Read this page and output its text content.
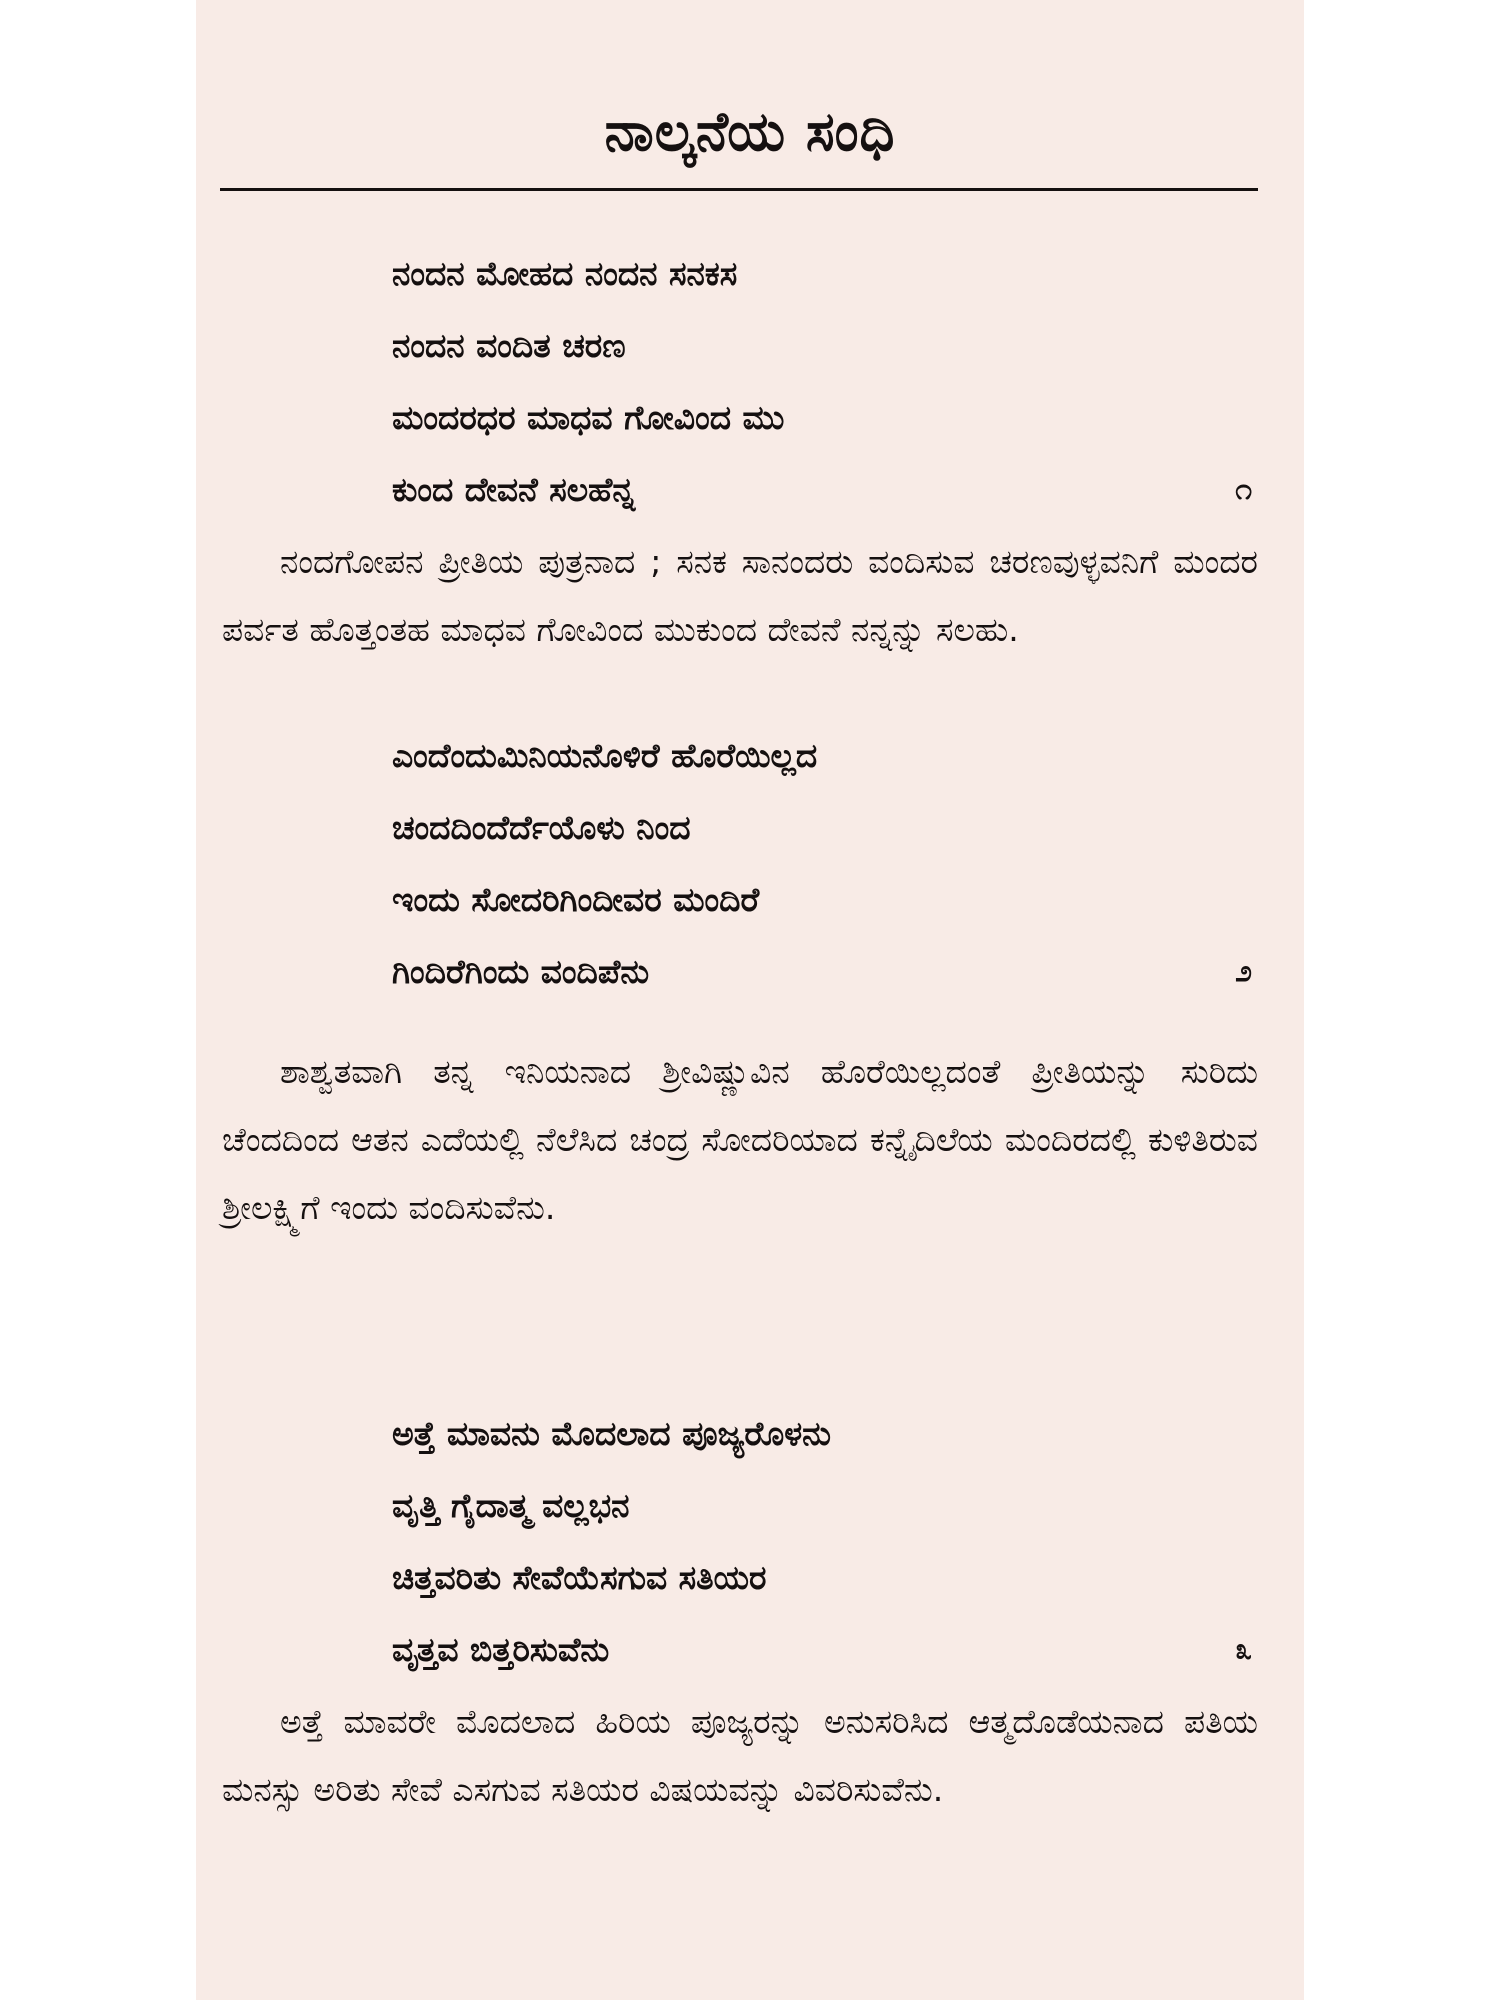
ನಾಲ್ಕನೆಯ ಸಂಧಿ
ನಂದನ ಮೋಹದ ನಂದನ ಸನಕಸ
ನಂದನ ವಂದಿತ ಚರಣ
ಮಂದರಧರ ಮಾಧವ ಗೋವಿಂದ ಮು
ಕುಂದ ದೇವನೆ ಸಲಹೆನ್ನ	೧

ನಂದಗೋಪನ ಪ್ರೀತಿಯ ಪುತ್ರನಾದ ; ಸನಕ ಸಾನಂದರು ವಂದಿಸುವ ಚರಣವುಳ್ಳವನಿಗೆ ಮಂದರ ಪರ್ವತ ಹೊತ್ತಂತಹ ಮಾಧವ ಗೋವಿಂದ ಮುಕುಂದ ದೇವನೆ ನನ್ನನ್ನು ಸಲಹು.

ಎಂದೆಂದುಮಿನಿಯನೊಳಿರೆ ಹೊರೆಯಿಲ್ಲದ
ಚಂದದಿಂದೆರ್ದೆಯೊಳು ನಿಂದ
ಇಂದು ಸೋದರಿಗಿಂದೀವರ ಮಂದಿರೆ
ಗಿಂದಿರೆಗಿಂದು ವಂದಿಪೆನು	೨

ಶಾಶ್ವತವಾಗಿ ತನ್ನ ಇನಿಯನಾದ ಶ್ರೀವಿಷ್ಣುವಿನ ಹೊರೆಯಿಲ್ಲದಂತೆ ಪ್ರೀತಿಯನ್ನು ಸುರಿದು ಚೆಂದದಿಂದ ಆತನ ಎದೆಯಲ್ಲಿ ನೆಲೆಸಿದ ಚಂದ್ರ ಸೋದರಿಯಾದ ಕನ್ನೈದಿಲೆಯ ಮಂದಿರದಲ್ಲಿ ಕುಳಿತಿರುವ ಶ್ರೀಲಕ್ಷ್ಮಿಗೆ ಇಂದು ವಂದಿಸುವೆನು.

ಅತ್ತೆ ಮಾವನು ಮೊದಲಾದ ಪೂಜ್ಯರೊಳನು
ವೃತ್ತಿ ಗೈದಾತ್ಮ ವಲ್ಲಭನ
ಚಿತ್ತವರಿತು ಸೇವೆಯೆಸಗುವ ಸತಿಯರ
ವೃತ್ತವ ಬಿತ್ತರಿಸುವೆನು	೩

ಅತ್ತೆ ಮಾವರೇ ಮೊದಲಾದ ಹಿರಿಯ ಪೂಜ್ಯರನ್ನು ಅನುಸರಿಸಿದ ಆತ್ಮದೊಡೆಯನಾದ ಪತಿಯ ಮನಸ್ಸು ಅರಿತು ಸೇವೆ ಎಸಗುವ ಸತಿಯರ ವಿಷಯವನ್ನು ವಿವರಿಸುವೆನು.
